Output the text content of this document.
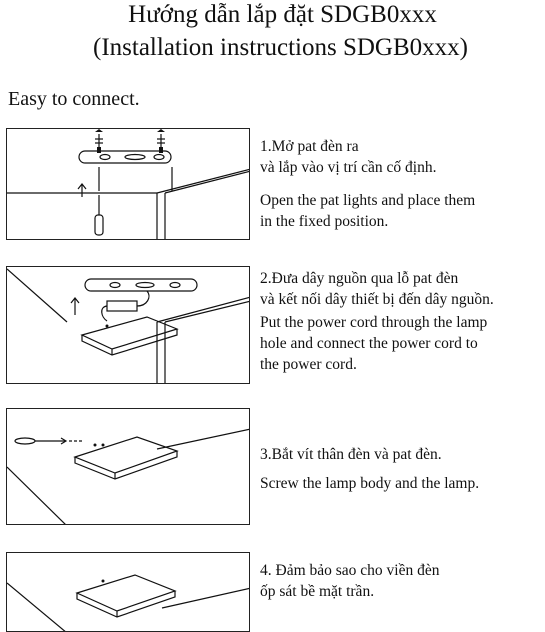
Hướng dẫn lắp đặt SDGB0xxx
(Installation instructions SDGB0xxx)
Easy to connect.
1.Mở pat đèn ra
và lắp vào vị trí cần cố định.
Open the pat lights and place them
in the fixed position.
2.Đưa dây nguồn qua lỗ pat đèn
và kết nối dây thiết bị đến dây nguồn.
Put the power cord through the lamp
hole and connect the power cord to
the power cord.
3.Bắt vít thân đèn và pat đèn.
Screw the lamp body and the lamp.
4. Đảm bảo sao cho viền đèn
ốp sát bề mặt trần.
